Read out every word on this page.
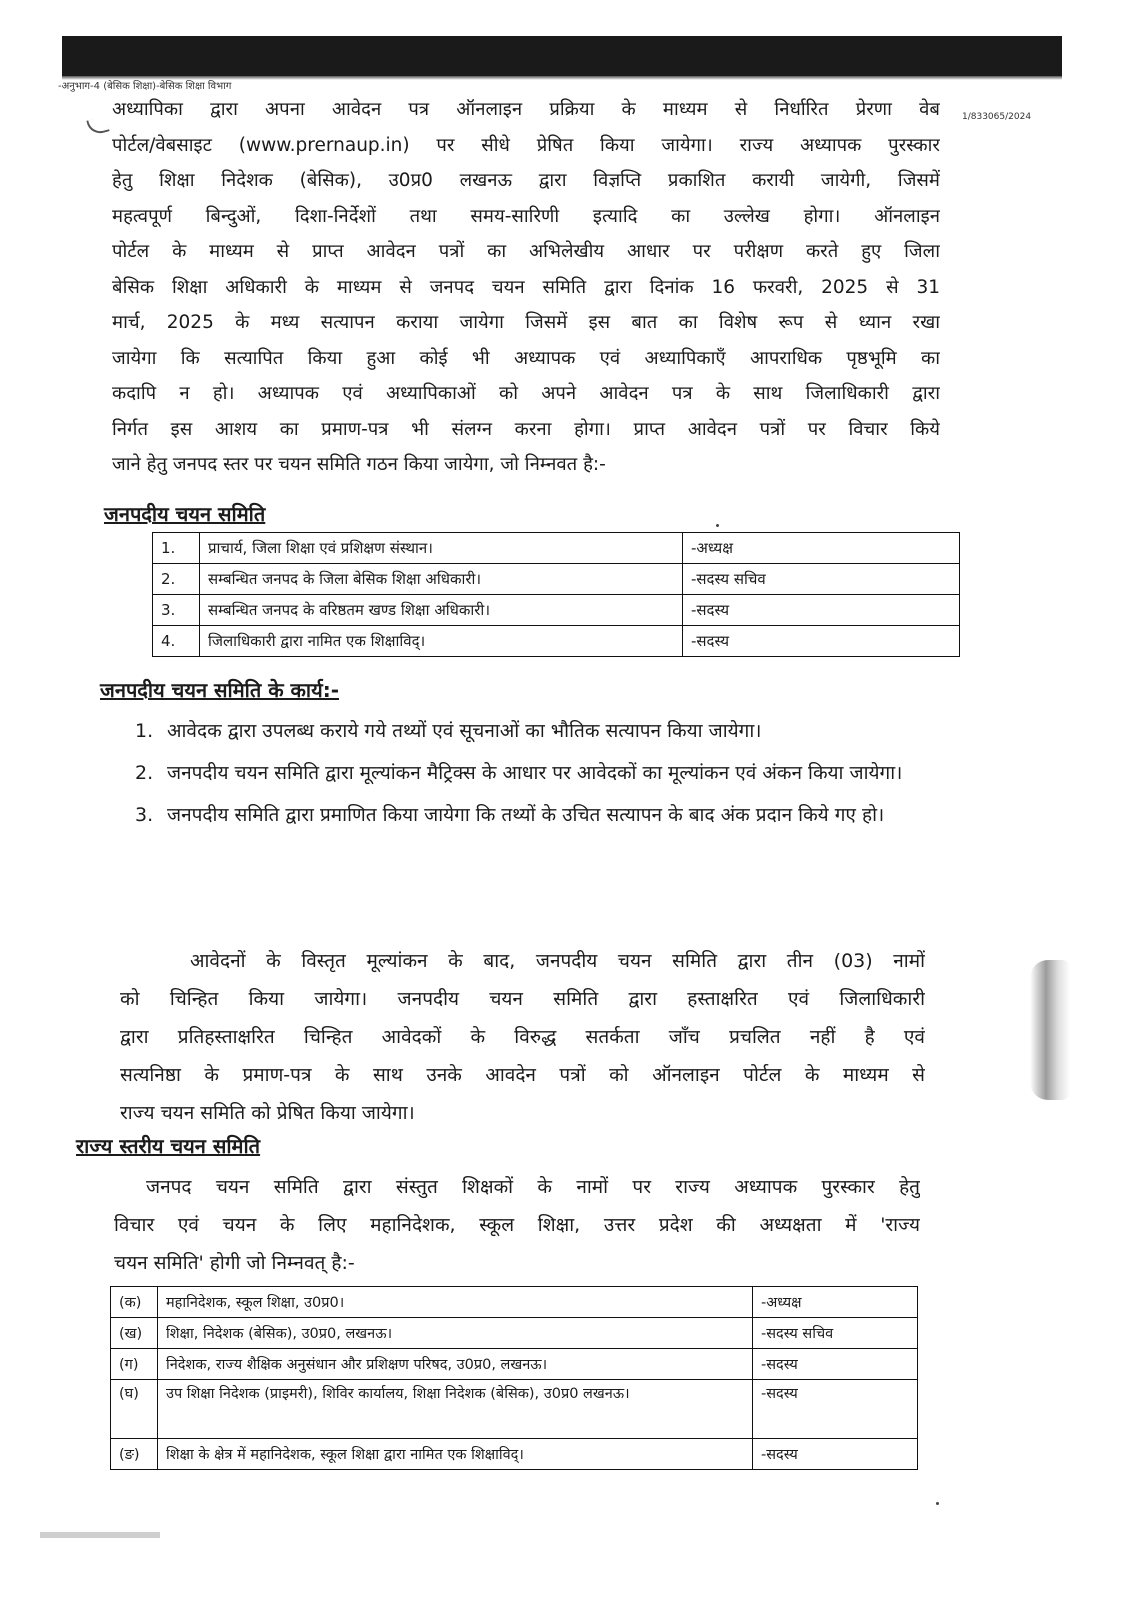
-अनुभाग-4 (बेसिक शिक्षा)-बेसिक शिक्षा विभाग
1/833065/2024
अध्यापिका द्वारा अपना आवेदन पत्र ऑनलाइन प्रक्रिया के माध्यम से निर्धारित प्रेरणा वेब
पोर्टल/वेबसाइट (www.prernaup.in) पर सीधे प्रेषित किया जायेगा। राज्य अध्यापक पुरस्कार
हेतु शिक्षा निदेशक (बेसिक), उ0प्र0 लखनऊ द्वारा विज्ञप्ति प्रकाशित करायी जायेगी, जिसमें
महत्वपूर्ण बिन्दुओं, दिशा-निर्देशों तथा समय-सारिणी इत्यादि का उल्लेख होगा। ऑनलाइन
पोर्टल के माध्यम से प्राप्त आवेदन पत्रों का अभिलेखीय आधार पर परीक्षण करते हुए जिला
बेसिक शिक्षा अधिकारी के माध्यम से जनपद चयन समिति द्वारा दिनांक 16 फरवरी, 2025 से 31
मार्च, 2025 के मध्य सत्यापन कराया जायेगा जिसमें इस बात का विशेष रूप से ध्यान रखा
जायेगा कि सत्यापित किया हुआ कोई भी अध्यापक एवं अध्यापिकाएँ आपराधिक पृष्ठभूमि का
कदापि न हो। अध्यापक एवं अध्यापिकाओं को अपने आवेदन पत्र के साथ जिलाधिकारी द्वारा
निर्गत इस आशय का प्रमाण-पत्र भी संलग्न करना होगा। प्राप्त आवेदन पत्रों पर विचार किये
जाने हेतु जनपद स्तर पर चयन समिति गठन किया जायेगा, जो निम्नवत है:-
जनपदीय चयन समिति
1.	प्राचार्य, जिला शिक्षा एवं प्रशिक्षण संस्थान।	-अध्यक्ष
2.	सम्बन्धित जनपद के जिला बेसिक शिक्षा अधिकारी।	-सदस्य सचिव
3.	सम्बन्धित जनपद के वरिष्ठतम खण्ड शिक्षा अधिकारी।	-सदस्य
4.	जिलाधिकारी द्वारा नामित एक शिक्षाविद्।	-सदस्य
जनपदीय चयन समिति के कार्य:-
1. आवेदक द्वारा उपलब्ध कराये गये तथ्यों एवं सूचनाओं का भौतिक सत्यापन किया जायेगा।
2. जनपदीय चयन समिति द्वारा मूल्यांकन मैट्रिक्स के आधार पर आवेदकों का मूल्यांकन एवं अंकन किया जायेगा।
3. जनपदीय समिति द्वारा प्रमाणित किया जायेगा कि तथ्यों के उचित सत्यापन के बाद अंक प्रदान किये गए हो।
आवेदनों के विस्तृत मूल्यांकन के बाद, जनपदीय चयन समिति द्वारा तीन (03) नामों
को चिन्हित किया जायेगा। जनपदीय चयन समिति द्वारा हस्ताक्षरित एवं जिलाधिकारी
द्वारा प्रतिहस्ताक्षरित चिन्हित आवेदकों के विरुद्ध सतर्कता जाँच प्रचलित नहीं है एवं
सत्यनिष्ठा के प्रमाण-पत्र के साथ उनके आवदेन पत्रों को ऑनलाइन पोर्टल के माध्यम से
राज्य चयन समिति को प्रेषित किया जायेगा।
राज्य स्तरीय चयन समिति
जनपद चयन समिति द्वारा संस्तुत शिक्षकों के नामों पर राज्य अध्यापक पुरस्कार हेतु
विचार एवं चयन के लिए महानिदेशक, स्कूल शिक्षा, उत्तर प्रदेश की अध्यक्षता में 'राज्य
चयन समिति' होगी जो निम्नवत् है:-
(क)	महानिदेशक, स्कूल शिक्षा, उ0प्र0।	-अध्यक्ष
(ख)	शिक्षा, निदेशक (बेसिक), उ0प्र0, लखनऊ।	-सदस्य सचिव
(ग)	निदेशक, राज्य शैक्षिक अनुसंधान और प्रशिक्षण परिषद, उ0प्र0, लखनऊ।	-सदस्य
(घ)	उप शिक्षा निदेशक (प्राइमरी), शिविर कार्यालय, शिक्षा निदेशक (बेसिक), उ0प्र0 लखनऊ।	-सदस्य
(ङ)	शिक्षा के क्षेत्र में महानिदेशक, स्कूल शिक्षा द्वारा नामित एक शिक्षाविद्।	-सदस्य
